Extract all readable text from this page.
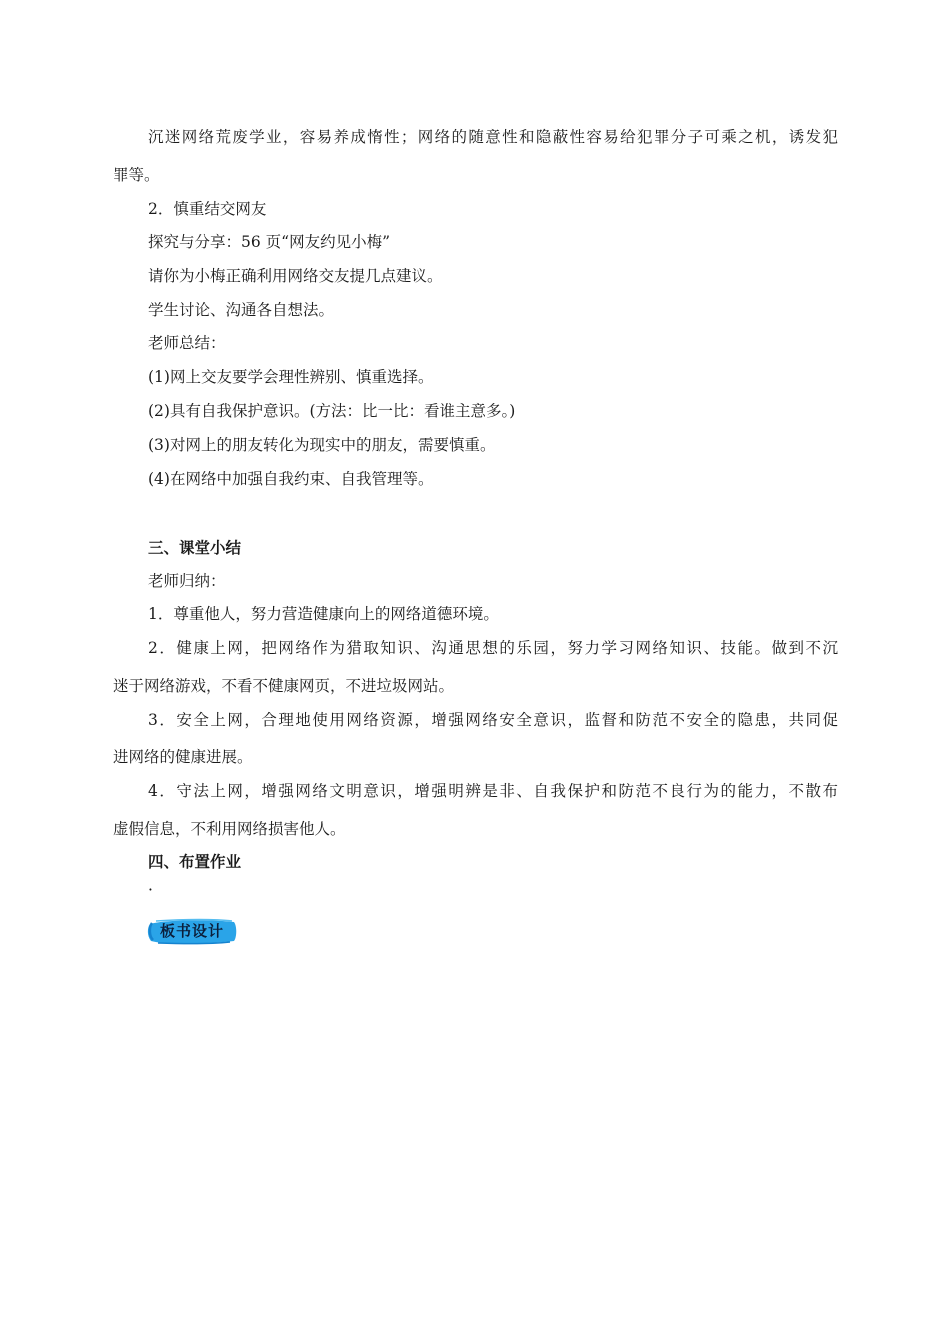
沉迷网络荒废学业，容易养成惰性；网络的随意性和隐蔽性容易给犯罪分子可乘之机，诱发犯
罪等。
2．慎重结交网友
探究与分享：56 页“网友约见小梅”
请你为小梅正确利用网络交友提几点建议。
学生讨论、沟通各自想法。
老师总结：
(1)网上交友要学会理性辨别、慎重选择。
(2)具有自我保护意识。(方法：比一比：看谁主意多。)
(3)对网上的朋友转化为现实中的朋友，需要慎重。
(4)在网络中加强自我约束、自我管理等。
三、课堂小结
老师归纳：
1．尊重他人，努力营造健康向上的网络道德环境。
2．健康上网，把网络作为猎取知识、沟通思想的乐园，努力学习网络知识、技能。做到不沉
迷于网络游戏，不看不健康网页，不进垃圾网站。
3．安全上网，合理地使用网络资源，增强网络安全意识，监督和防范不安全的隐患，共同促
进网络的健康进展。
4．守法上网，增强网络文明意识，增强明辨是非、自我保护和防范不良行为的能力，不散布
虚假信息，不利用网络损害他人。
四、布置作业
·
板书设计
